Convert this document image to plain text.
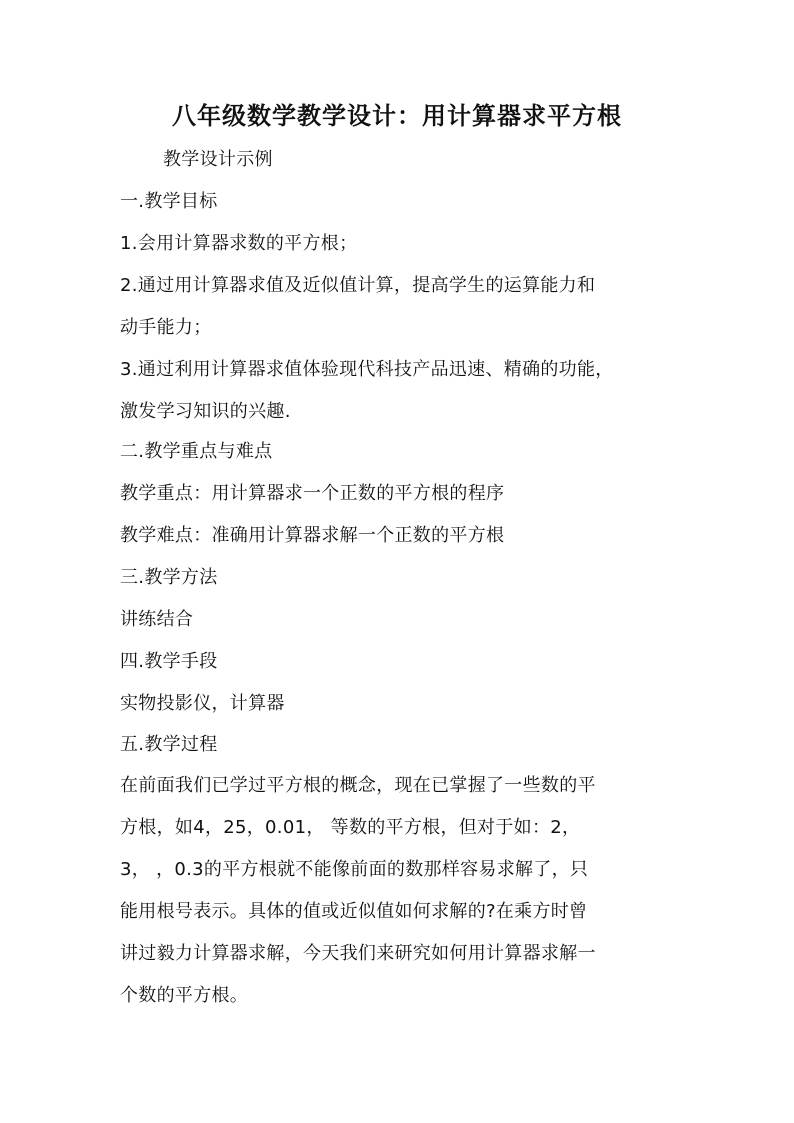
八年级数学教学设计：用计算器求平方根
教学设计示例
一.教学目标
1.会用计算器求数的平方根；
2.通过用计算器求值及近似值计算，提高学生的运算能力和
动手能力；
3.通过利用计算器求值体验现代科技产品迅速、精确的功能，
激发学习知识的兴趣.
二.教学重点与难点
教学重点：用计算器求一个正数的平方根的程序
教学难点：准确用计算器求解一个正数的平方根
三.教学方法
讲练结合
四.教学手段
实物投影仪，计算器
五.教学过程
在前面我们已学过平方根的概念，现在已掌握了一些数的平
方根，如4，25，0.01， 等数的平方根，但对于如：2，
3， ，0.3的平方根就不能像前面的数那样容易求解了，只
能用根号表示。具体的值或近似值如何求解的?在乘方时曾
讲过毅力计算器求解，今天我们来研究如何用计算器求解一
个数的平方根。
